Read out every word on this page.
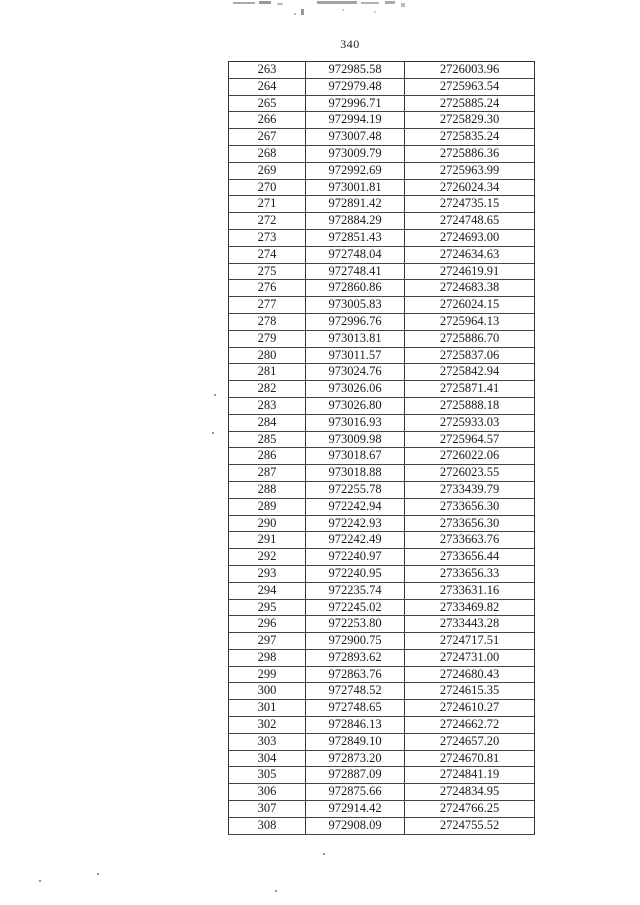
340
263	972985.58	2726003.96
264	972979.48	2725963.54
265	972996.71	2725885.24
266	972994.19	2725829.30
267	973007.48	2725835.24
268	973009.79	2725886.36
269	972992.69	2725963.99
270	973001.81	2726024.34
271	972891.42	2724735.15
272	972884.29	2724748.65
273	972851.43	2724693.00
274	972748.04	2724634.63
275	972748.41	2724619.91
276	972860.86	2724683.38
277	973005.83	2726024.15
278	972996.76	2725964.13
279	973013.81	2725886.70
280	973011.57	2725837.06
281	973024.76	2725842.94
282	973026.06	2725871.41
283	973026.80	2725888.18
284	973016.93	2725933.03
285	973009.98	2725964.57
286	973018.67	2726022.06
287	973018.88	2726023.55
288	972255.78	2733439.79
289	972242.94	2733656.30
290	972242.93	2733656.30
291	972242.49	2733663.76
292	972240.97	2733656.44
293	972240.95	2733656.33
294	972235.74	2733631.16
295	972245.02	2733469.82
296	972253.80	2733443.28
297	972900.75	2724717.51
298	972893.62	2724731.00
299	972863.76	2724680.43
300	972748.52	2724615.35
301	972748.65	2724610.27
302	972846.13	2724662.72
303	972849.10	2724657.20
304	972873.20	2724670.81
305	972887.09	2724841.19
306	972875.66	2724834.95
307	972914.42	2724766.25
308	972908.09	2724755.52
